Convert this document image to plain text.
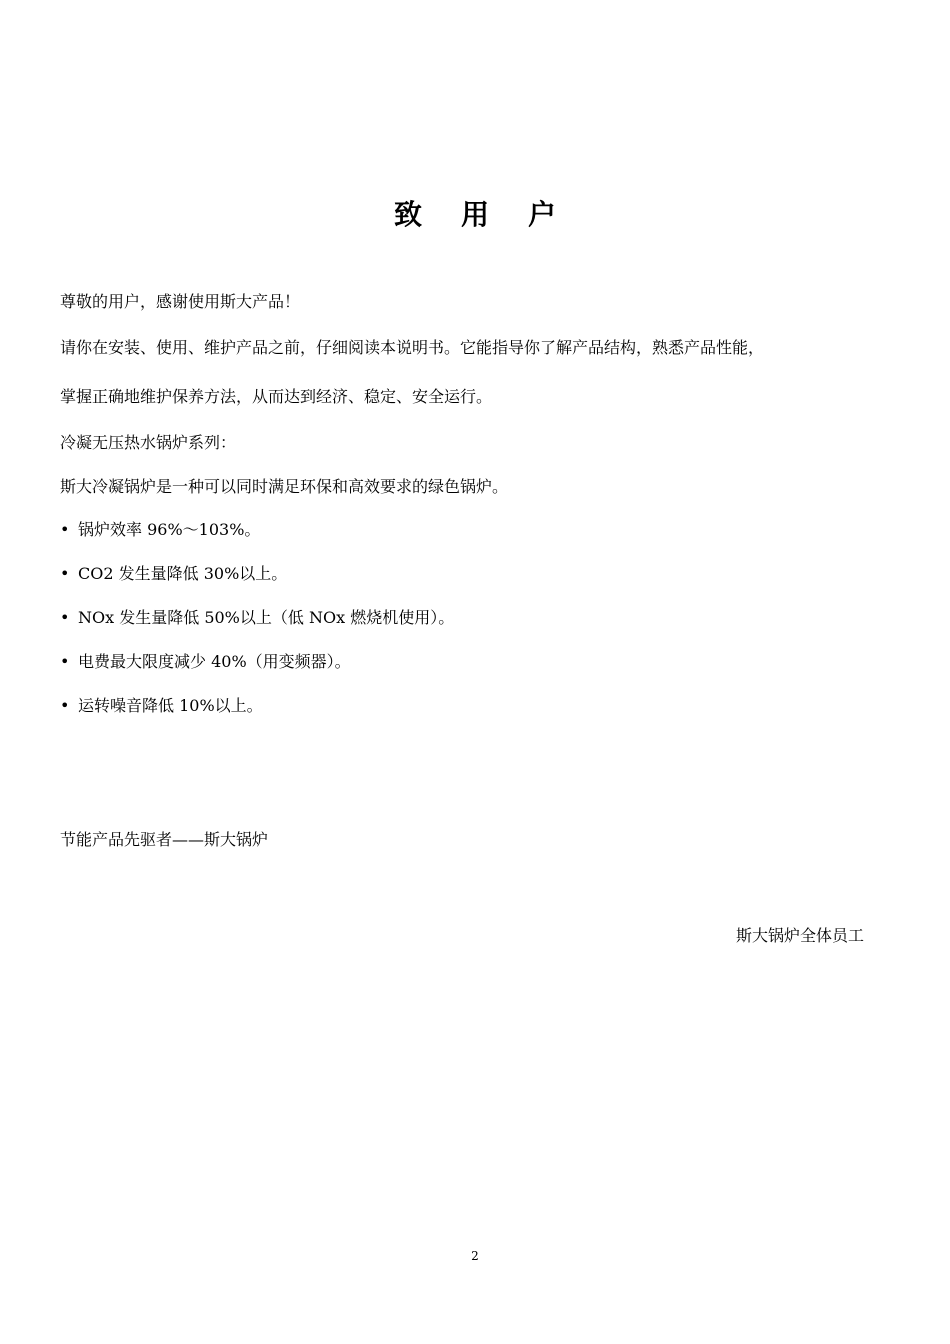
致    用    户

尊敬的用户，感谢使用斯大产品！

请你在安装、使用、维护产品之前，仔细阅读本说明书。它能指导你了解产品结构，熟悉产品性能，

掌握正确地维护保养方法，从而达到经济、稳定、安全运行。

冷凝无压热水锅炉系列：

斯大冷凝锅炉是一种可以同时满足环保和高效要求的绿色锅炉。

• 锅炉效率 96%～103%。
• CO2 发生量降低 30%以上。
• NOx 发生量降低 50%以上（低 NOx 燃烧机使用）。
• 电费最大限度减少 40%（用变频器）。
• 运转噪音降低 10%以上。

节能产品先驱者——斯大锅炉

斯大锅炉全体员工

2
